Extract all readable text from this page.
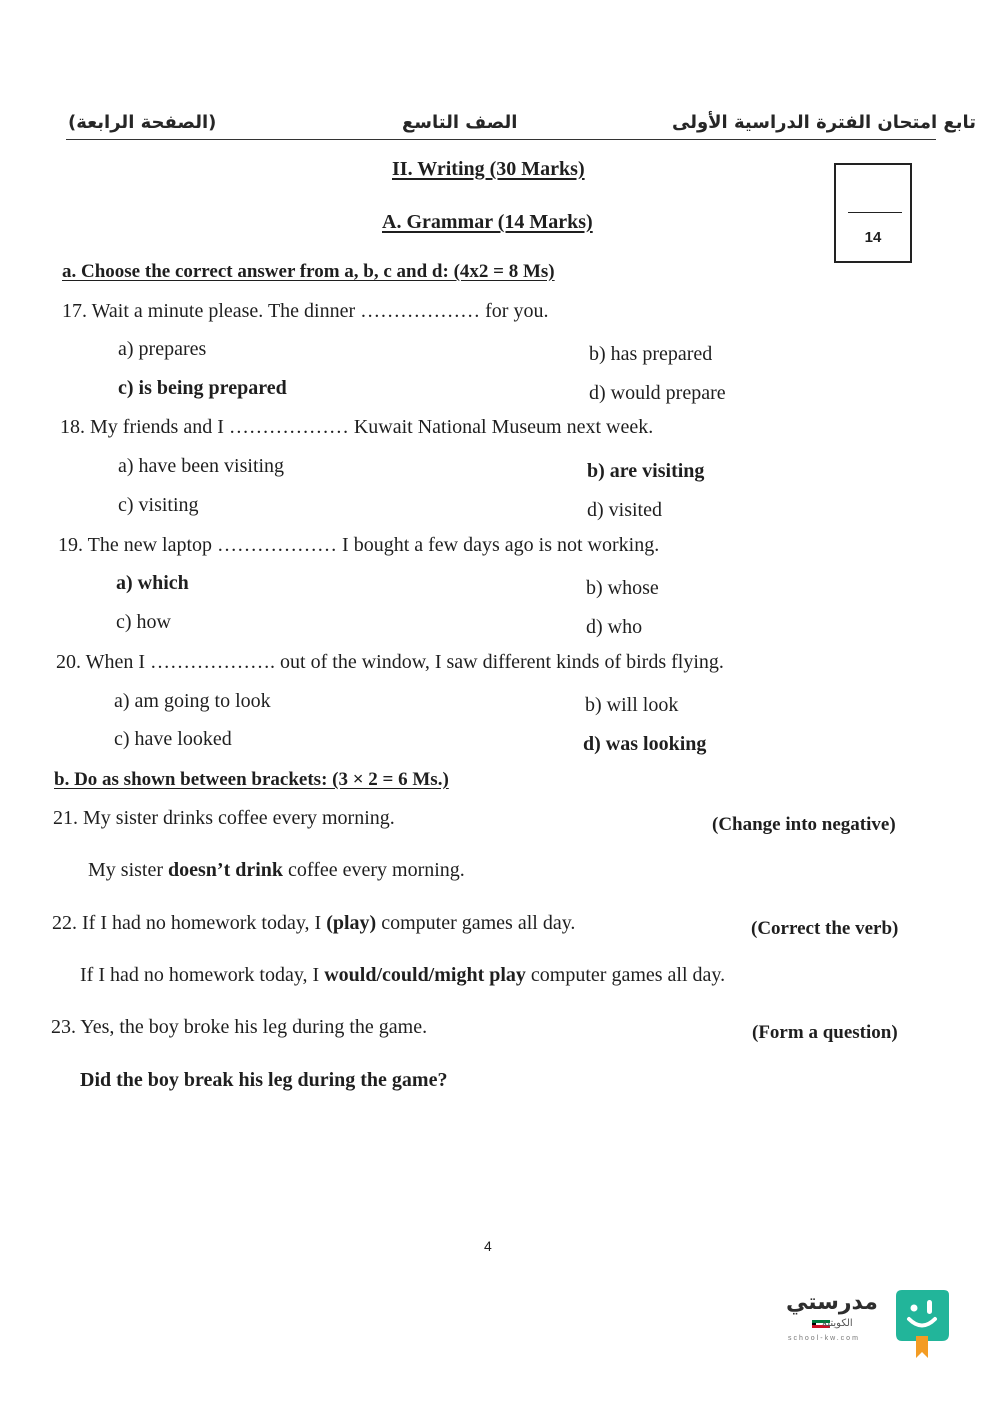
تابع امتحان الفترة الدراسية الأولى
الصف التاسع
(الصفحة الرابعة)
II. Writing (30 Marks)
A. Grammar (14 Marks)
14
a. Choose the correct answer from a, b, c and d: (4x2 = 8 Ms)
17. Wait a minute please. The dinner ……………… for you.
a) prepares	b) has prepared
c) is being prepared	d) would prepare
18. My friends and I ……………… Kuwait National Museum next week.
a) have been visiting	b) are visiting
c) visiting	d) visited
19. The new laptop ……………… I bought a few days ago is not working.
a) which	b) whose
c) how	d) who
20. When I ………………. out of the window, I saw different kinds of birds flying.
a) am going to look	b) will look
c) have looked	d) was looking
b. Do as shown between brackets: (3 × 2 = 6 Ms.)
21. My sister drinks coffee every morning.	(Change into negative)
My sister doesn’t drink coffee every morning.
22. If I had no homework today, I (play) computer games all day.	(Correct the verb)
If I had no homework today, I would/could/might play computer games all day.
23. Yes, the boy broke his leg during the game.	(Form a question)
Did the boy break his leg during the game?
4
مدرستي
الكويتية
school-kw.com
